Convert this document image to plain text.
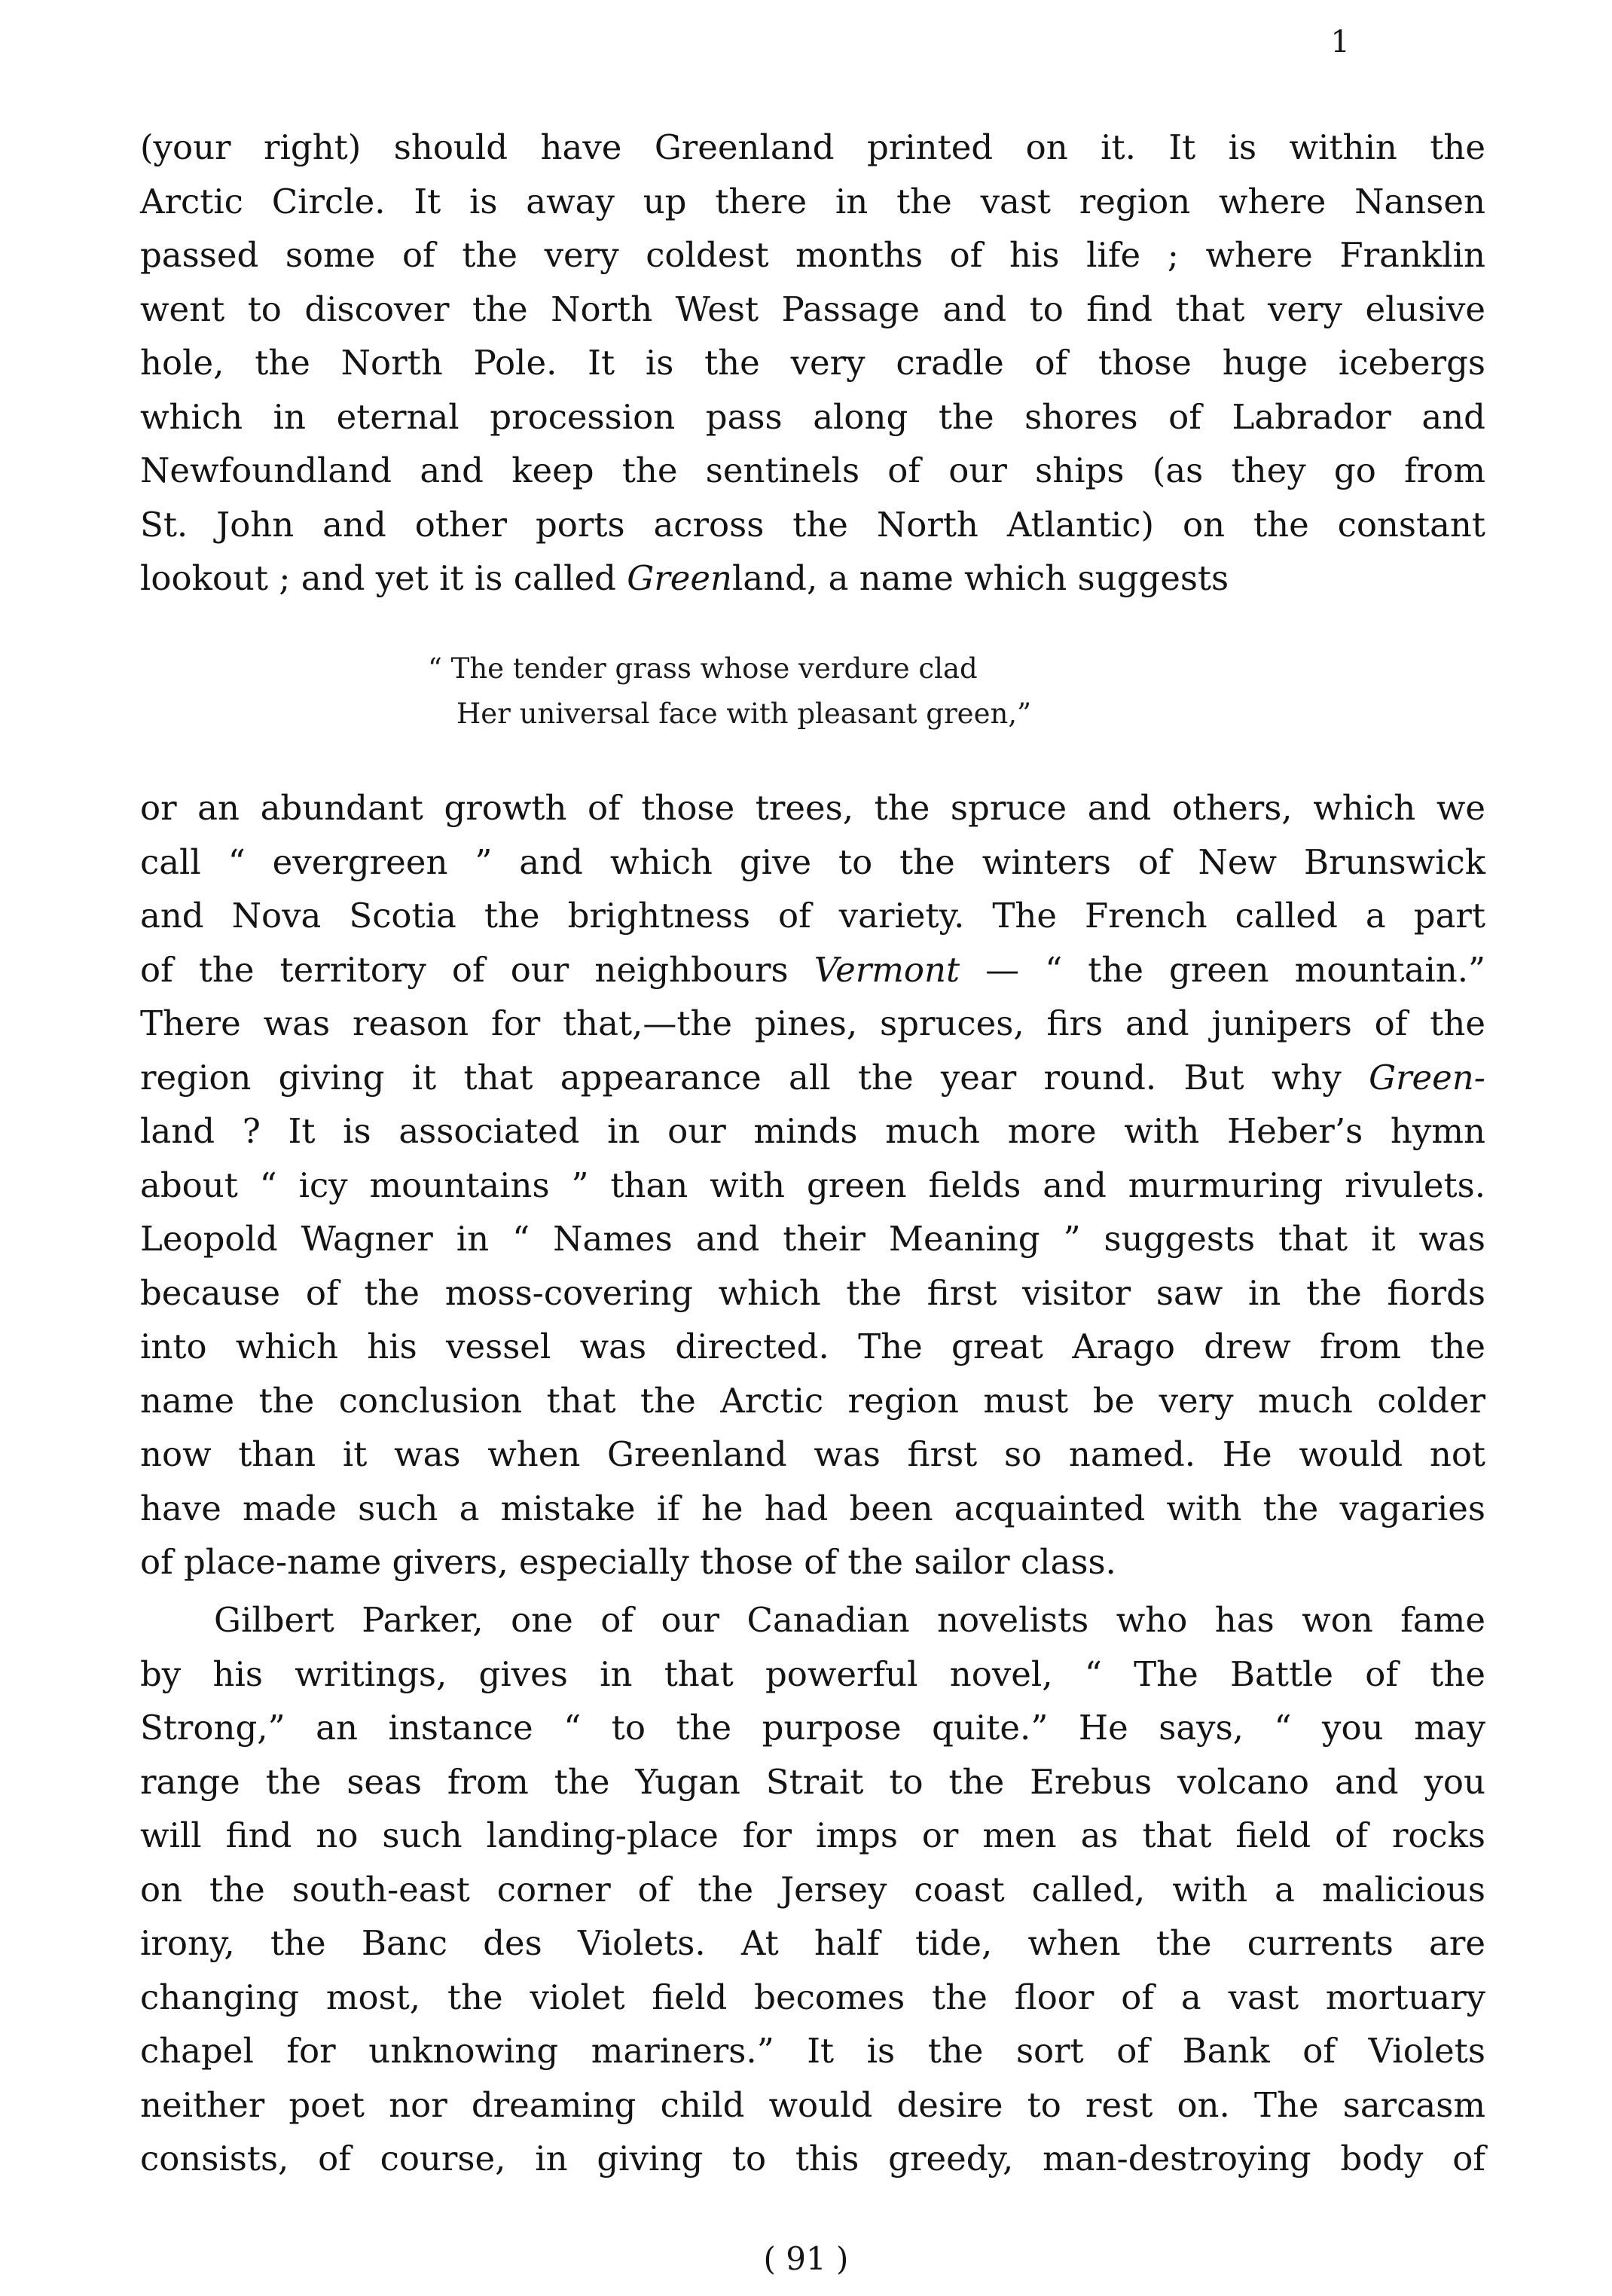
1
(your right) should have Greenland printed on it. It is within the
Arctic Circle. It is away up there in the vast region where Nansen
passed some of the very coldest months of his life ; where Franklin
went to discover the North West Passage and to find that very elusive
hole, the North Pole. It is the very cradle of those huge icebergs
which in eternal procession pass along the shores of Labrador and
Newfoundland and keep the sentinels of our ships (as they go from
St. John and other ports across the North Atlantic) on the constant
lookout ; and yet it is called Greenland, a name which suggests
“ The tender grass whose verdure clad
Her universal face with pleasant green,”
or an abundant growth of those trees, the spruce and others, which we
call “ evergreen ” and which give to the winters of New Brunswick
and Nova Scotia the brightness of variety. The French called a part
of the territory of our neighbours Vermont — “ the green mountain.”
There was reason for that,—the pines, spruces, firs and junipers of the
region giving it that appearance all the year round. But why Green-
land ? It is associated in our minds much more with Heber’s hymn
about “ icy mountains ” than with green fields and murmuring rivulets.
Leopold Wagner in “ Names and their Meaning ” suggests that it was
because of the moss-covering which the first visitor saw in the fiords
into which his vessel was directed. The great Arago drew from the
name the conclusion that the Arctic region must be very much colder
now than it was when Greenland was first so named. He would not
have made such a mistake if he had been acquainted with the vagaries
of place-name givers, especially those of the sailor class.
Gilbert Parker, one of our Canadian novelists who has won fame
by his writings, gives in that powerful novel, “ The Battle of the
Strong,” an instance “ to the purpose quite.” He says, “ you may
range the seas from the Yugan Strait to the Erebus volcano and you
will find no such landing-place for imps or men as that field of rocks
on the south-east corner of the Jersey coast called, with a malicious
irony, the Banc des Violets. At half tide, when the currents are
changing most, the violet field becomes the floor of a vast mortuary
chapel for unknowing mariners.” It is the sort of Bank of Violets
neither poet nor dreaming child would desire to rest on. The sarcasm
consists, of course, in giving to this greedy, man-destroying body of
( 91 )
